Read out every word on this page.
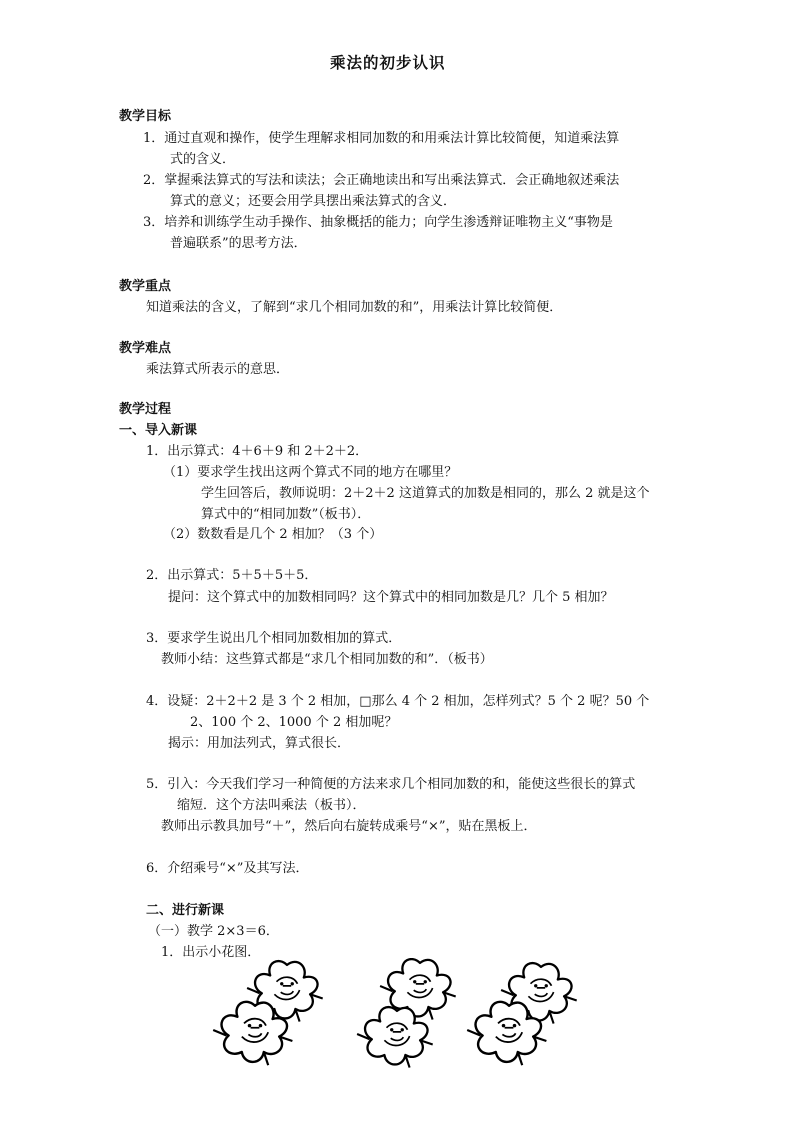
乘法的初步认识
教学目标
1．通过直观和操作，使学生理解求相同加数的和用乘法计算比较简便，知道乘法算
式的含义．
2．掌握乘法算式的写法和读法；会正确地读出和写出乘法算式．会正确地叙述乘法
算式的意义；还要会用学具摆出乘法算式的含义．
3．培养和训练学生动手操作、抽象概括的能力；向学生渗透辩证唯物主义“事物是
普遍联系”的思考方法．
教学重点
知道乘法的含义，了解到“求几个相同加数的和”，用乘法计算比较简便．
教学难点
乘法算式所表示的意思．
教学过程
一、导入新课
1．出示算式：4＋6＋9 和 2＋2＋2．
（1）要求学生找出这两个算式不同的地方在哪里？
学生回答后，教师说明：2＋2＋2 这道算式的加数是相同的，那么 2 就是这个
算式中的“相同加数”（板书）．
（2）数数看是几个 2 相加？（3 个）
2．出示算式：5＋5＋5＋5．
提问：这个算式中的加数相同吗？这个算式中的相同加数是几？几个 5 相加？
3．要求学生说出几个相同加数相加的算式．
教师小结：这些算式都是“求几个相同加数的和”．（板书）
4．设疑：2＋2＋2 是 3 个 2 相加，□那么 4 个 2 相加，怎样列式？5 个 2 呢？50 个
2、100 个 2、1000 个 2 相加呢？
揭示：用加法列式，算式很长．
5．引入：今天我们学习一种简便的方法来求几个相同加数的和，能使这些很长的算式
缩短．这个方法叫乘法（板书）．
教师出示教具加号“＋”，然后向右旋转成乘号“×”，贴在黑板上．
6．介绍乘号“×”及其写法．
二、进行新课
（一）教学 2×3＝6．
1．出示小花图．
